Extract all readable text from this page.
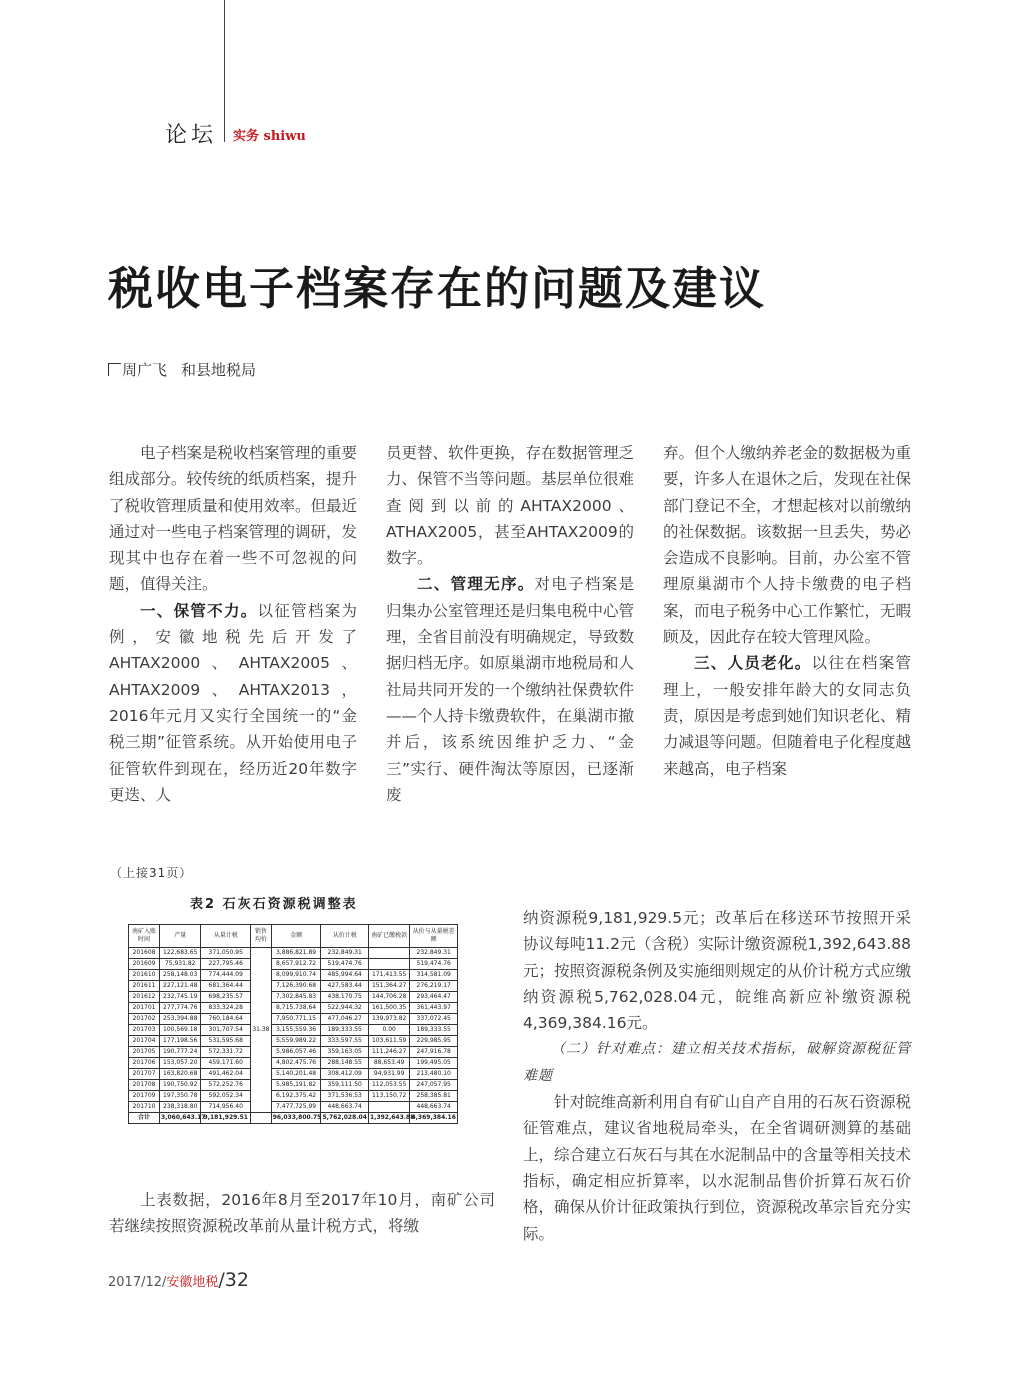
论坛 实务 shiwu
税收电子档案存在的问题及建议
周广飞 和县地税局

电子档案是税收档案管理的重要组成部分。较传统的纸质档案，提升了税收管理质量和使用效率。但最近通过对一些电子档案管理的调研，发现其中也存在着一些不可忽视的问题，值得关注。

一、保管不力。以征管档案为例，安徽地税先后开发了AHTAX2000、AHTAX2005、AHTAX2009、AHTAX2013，2016年元月又实行全国统一的“金税三期”征管系统。从开始使用电子征管软件到现在，经历近20年数字更迭、人

员更替、软件更换，存在数据管理乏力、保管不当等问题。基层单位很难查阅到以前的AHTAX2000、ATHAX2005，甚至AHTAX2009的数字。

二、管理无序。对电子档案是归集办公室管理还是归集电税中心管理，全省目前没有明确规定，导致数据归档无序。如原巢湖市地税局和人社局共同开发的一个缴纳社保费软件——个人持卡缴费软件，在巢湖市撤并后，该系统因维护乏力、“金三”实行、硬件淘汰等原因，已逐渐废

弃。但个人缴纳养老金的数据极为重要，许多人在退休之后，发现在社保部门登记不全，才想起核对以前缴纳的社保数据。该数据一旦丢失，势必会造成不良影响。目前，办公室不管理原巢湖市个人持卡缴费的电子档案，而电子税务中心工作繁忙，无暇顾及，因此存在较大管理风险。

三、人员老化。以往在档案管理上，一般安排年龄大的女同志负责，原因是考虑到她们知识老化、精力减退等问题。但随着电子化程度越来越高，电子档案

（上接31页）
表2 石灰石资源税调整表
南矿入账时间	产量	从量计税	销售均价	金额	从价计税	南矿已缴税款	从价与从量税差额
201608	122,683.65	371,050.95	31.38	3,886,821.89	232,849.31		232,849.31
201609	75,931.82	227,795.46		8,657,912.72	519,474.76		519,474.76
201610	258,148.03	774,444.09		8,099,910.74	485,994.64	171,413.55	314,581.09
201611	227,121.48	681,364.44		7,126,390.68	427,583.44	151,364.27	276,219.17
201612	232,745.19	698,235.57		7,302,845.83	438,170.75	144,706.28	293,464.47
201701	277,774.76	833,324.28		8,715,738.64	522,944.32	161,500.35	361,443.97
201702	253,394.88	760,184.64		7,950,771.15	477,046.27	139,973.82	337,072.45
201703	100,569.18	301,707.54		3,155,559.36	189,333.55	0.00	189,333.55
201704	177,198.56	531,595.68		5,559,989.22	333,597.55	103,611.59	229,985.95
201705	190,777.24	572,331.72		5,986,057.46	359,163.05	111,246.27	247,916.78
201706	153,057.20	459,171.60		4,802,475.76	288,148.55	88,653.49	199,495.05
201707	163,820.68	491,462.04		5,140,201.48	308,412.09	94,931.99	213,480.10
201708	190,750.92	572,252.76		5,985,191.82	359,111.50	112,053.55	247,057.95
201709	197,350.78	592,052.34		6,192,375.42	371,536.53	113,150.72	258,385.81
201710	238,318.80	714,956.40		7,477,725.99	448,663.74		448,663.74
合计	3,060,643.17	9,181,929.51		96,033,800.75	5,762,028.04	1,392,643.88	4,369,384.16

上表数据，2016年8月至2017年10月，南矿公司若继续按照资源税改革前从量计税方式，将缴

纳资源税9,181,929.5元；改革后在移送环节按照开采协议每吨11.2元（含税）实际计缴资源税1,392,643.88元；按照资源税条例及实施细则规定的从价计税方式应缴纳资源税5,762,028.04元，皖维高新应补缴资源税4,369,384.16元。

（二）针对难点：建立相关技术指标，破解资源税征管难题

针对皖维高新利用自有矿山自产自用的石灰石资源税征管难点，建议省地税局牵头，在全省调研测算的基础上，综合建立石灰石与其在水泥制品中的含量等相关技术指标，确定相应折算率，以水泥制品售价折算石灰石价格，确保从价计征政策执行到位，资源税改革宗旨充分实际。

2017/12/安徽地税/32
